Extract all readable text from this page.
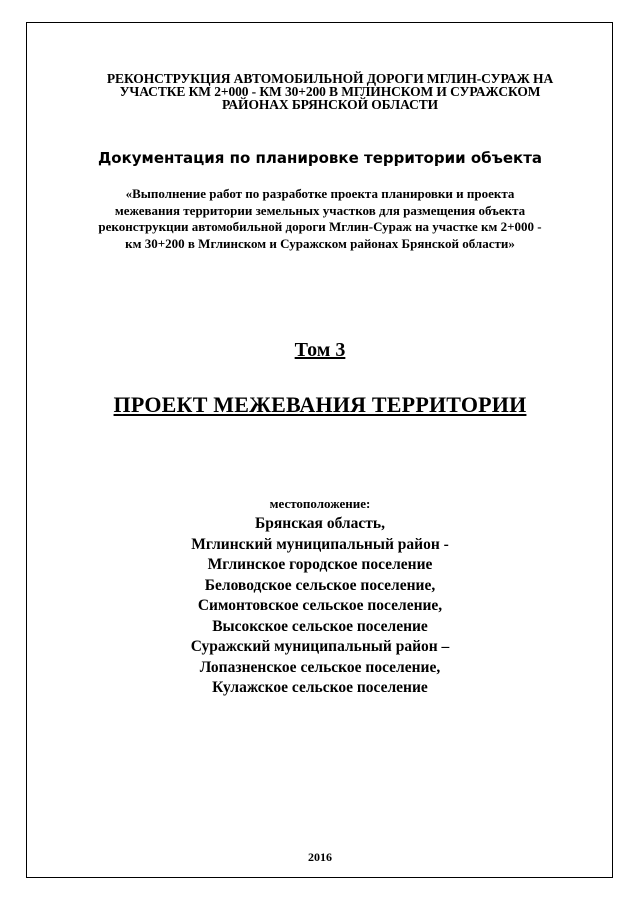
РЕКОНСТРУКЦИЯ АВТОМОБИЛЬНОЙ ДОРОГИ МГЛИН-СУРАЖ НА
УЧАСТКЕ КМ 2+000 - КМ 30+200 В МГЛИНСКОМ И СУРАЖСКОМ
РАЙОНАХ БРЯНСКОЙ ОБЛАСТИ
Документация по планировке территории объекта
«Выполнение работ по разработке проекта планировки и проекта
межевания территории земельных участков для размещения объекта
реконструкции автомобильной дороги Мглин-Сураж на участке км 2+000 -
км 30+200 в Мглинском и Суражском районах Брянской области»
Том 3
ПРОЕКТ МЕЖЕВАНИЯ ТЕРРИТОРИИ
местоположение:
Брянская область,
Мглинский муниципальный район -
Мглинское городское поселение
Беловодское сельское поселение,
Симонтовское сельское поселение,
Высокское сельское поселение
Суражский муниципальный район –
Лопазненское сельское поселение,
Кулажское сельское поселение
2016
